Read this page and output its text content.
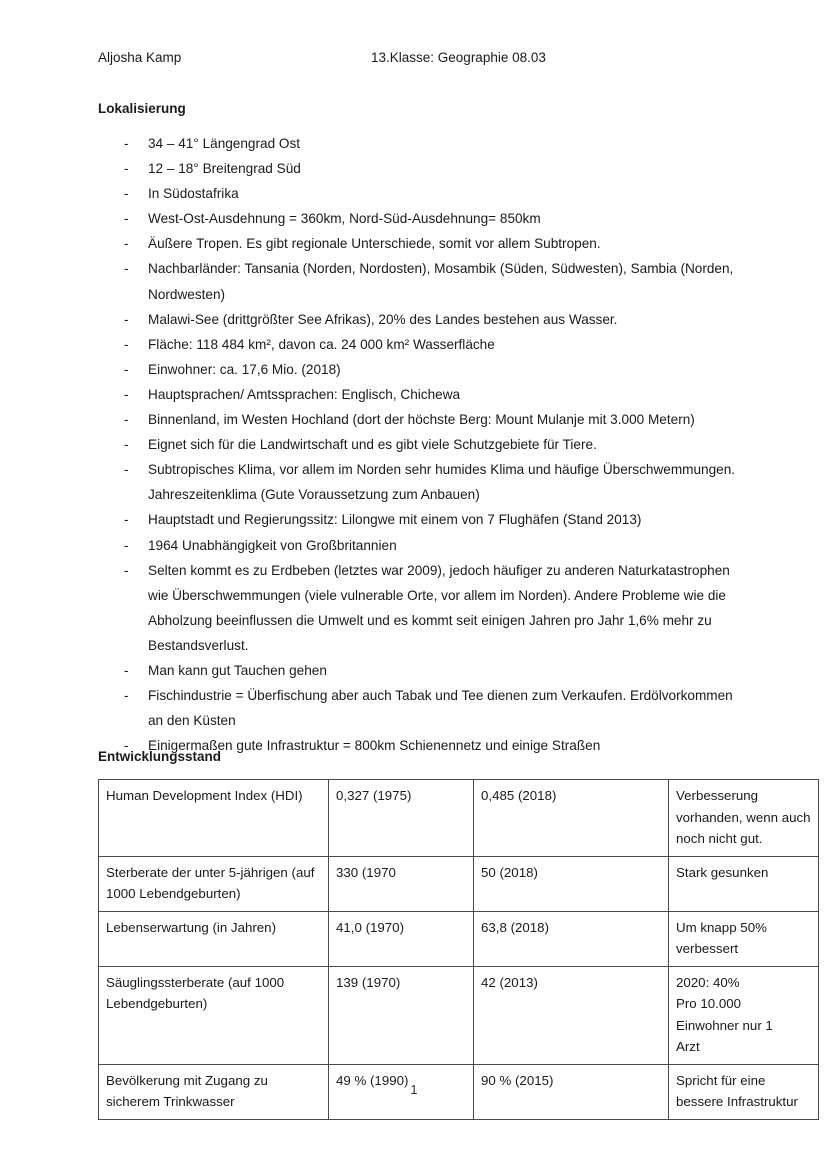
Aljosha Kamp	13.Klasse: Geographie 08.03
Lokalisierung
-	34 – 41° Längengrad Ost
-	12 – 18° Breitengrad Süd
-	In Südostafrika
-	West-Ost-Ausdehnung = 360km, Nord-Süd-Ausdehnung= 850km
-	Äußere Tropen. Es gibt regionale Unterschiede, somit vor allem Subtropen.
-	Nachbarländer: Tansania (Norden, Nordosten), Mosambik (Süden, Südwesten), Sambia (Norden, Nordwesten)
-	Malawi-See (drittgrößter See Afrikas), 20% des Landes bestehen aus Wasser.
-	Fläche: 118 484 km², davon ca. 24 000 km² Wasserfläche
-	Einwohner: ca. 17,6 Mio. (2018)
-	Hauptsprachen/ Amtssprachen: Englisch, Chichewa
-	Binnenland, im Westen Hochland (dort der höchste Berg: Mount Mulanje mit 3.000 Metern)
-	Eignet sich für die Landwirtschaft und es gibt viele Schutzgebiete für Tiere.
-	Subtropisches Klima, vor allem im Norden sehr humides Klima und häufige Überschwemmungen. Jahreszeitenklima (Gute Voraussetzung zum Anbauen)
-	Hauptstadt und Regierungssitz: Lilongwe mit einem von 7 Flughäfen (Stand 2013)
-	1964 Unabhängigkeit von Großbritannien
-	Selten kommt es zu Erdbeben (letztes war 2009), jedoch häufiger zu anderen Naturkatastrophen wie Überschwemmungen (viele vulnerable Orte, vor allem im Norden). Andere Probleme wie die Abholzung beeinflussen die Umwelt und es kommt seit einigen Jahren pro Jahr 1,6% mehr zu Bestandsverlust.
-	Man kann gut Tauchen gehen
-	Fischindustrie = Überfischung aber auch Tabak und Tee dienen zum Verkaufen. Erdölvorkommen an den Küsten
-	Einigermaßen gute Infrastruktur = 800km Schienennetz und einige Straßen
Entwicklungsstand
Human Development Index (HDI)	0,327 (1975)	0,485 (2018)	Verbesserung vorhanden, wenn auch noch nicht gut.
Sterberate der unter 5-jährigen (auf 1000 Lebendgeburten)	330 (1970	50 (2018)	Stark gesunken
Lebenserwartung (in Jahren)	41,0 (1970)	63,8 (2018)	Um knapp 50% verbessert
Säuglingssterberate (auf 1000 Lebendgeburten)	139 (1970)	42 (2013)	2020: 40%
Pro 10.000
Einwohner nur 1
Arzt

Bevölkerung mit Zugang zu sicherem Trinkwasser	49 % (1990)	90 % (2015)	Spricht für eine bessere Infrastruktur
1
